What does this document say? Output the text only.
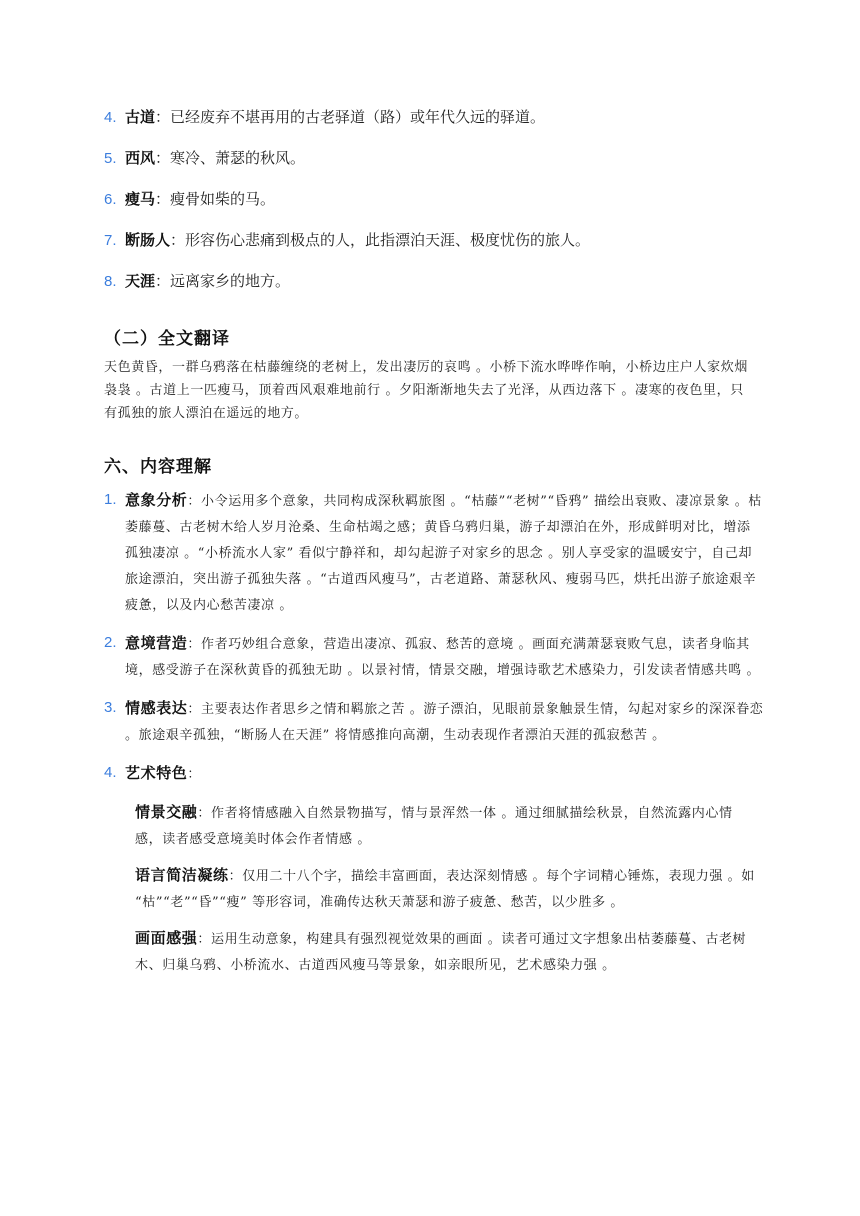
4. 古道：已经废弃不堪再用的古老驿道（路）或年代久远的驿道。
5. 西风：寒冷、萧瑟的秋风。
6. 瘦马：瘦骨如柴的马。
7. 断肠人：形容伤心悲痛到极点的人，此指漂泊天涯、极度忧伤的旅人。
8. 天涯：远离家乡的地方。
（二）全文翻译
天色黄昏，一群乌鸦落在枯藤缠绕的老树上，发出凄厉的哀鸣 。小桥下流水哗哗作响，小桥边庄户人家炊烟袅袅 。古道上一匹瘦马，顶着西风艰难地前行 。夕阳渐渐地失去了光泽，从西边落下 。凄寒的夜色里，只有孤独的旅人漂泊在遥远的地方。
六、内容理解
1. 意象分析：小令运用多个意象，共同构成深秋羁旅图 。“枯藤”“老树”“昏鸦” 描绘出衰败、凄凉景象 。枯萎藤蔓、古老树木给人岁月沧桑、生命枯竭之感；黄昏乌鸦归巢，游子却漂泊在外，形成鲜明对比，增添孤独凄凉 。“小桥流水人家” 看似宁静祥和，却勾起游子对家乡的思念 。别人享受家的温暖安宁，自己却旅途漂泊，突出游子孤独失落 。“古道西风瘦马”，古老道路、萧瑟秋风、瘦弱马匹，烘托出游子旅途艰辛疲惫，以及内心愁苦凄凉 。
2. 意境营造：作者巧妙组合意象，营造出凄凉、孤寂、愁苦的意境 。画面充满萧瑟衰败气息，读者身临其境，感受游子在深秋黄昏的孤独无助 。以景衬情，情景交融，增强诗歌艺术感染力，引发读者情感共鸣 。
3. 情感表达：主要表达作者思乡之情和羁旅之苦 。游子漂泊，见眼前景象触景生情，勾起对家乡的深深眷恋 。旅途艰辛孤独，“断肠人在天涯” 将情感推向高潮，生动表现作者漂泊天涯的孤寂愁苦 。
4. 艺术特色：
情景交融：作者将情感融入自然景物描写，情与景浑然一体 。通过细腻描绘秋景，自然流露内心情感，读者感受意境美时体会作者情感 。
语言简洁凝练：仅用二十八个字，描绘丰富画面，表达深刻情感 。每个字词精心锤炼，表现力强 。如 “枯”“老”“昏”“瘦” 等形容词，准确传达秋天萧瑟和游子疲惫、愁苦，以少胜多 。
画面感强：运用生动意象，构建具有强烈视觉效果的画面 。读者可通过文字想象出枯萎藤蔓、古老树木、归巢乌鸦、小桥流水、古道西风瘦马等景象，如亲眼所见，艺术感染力强 。
